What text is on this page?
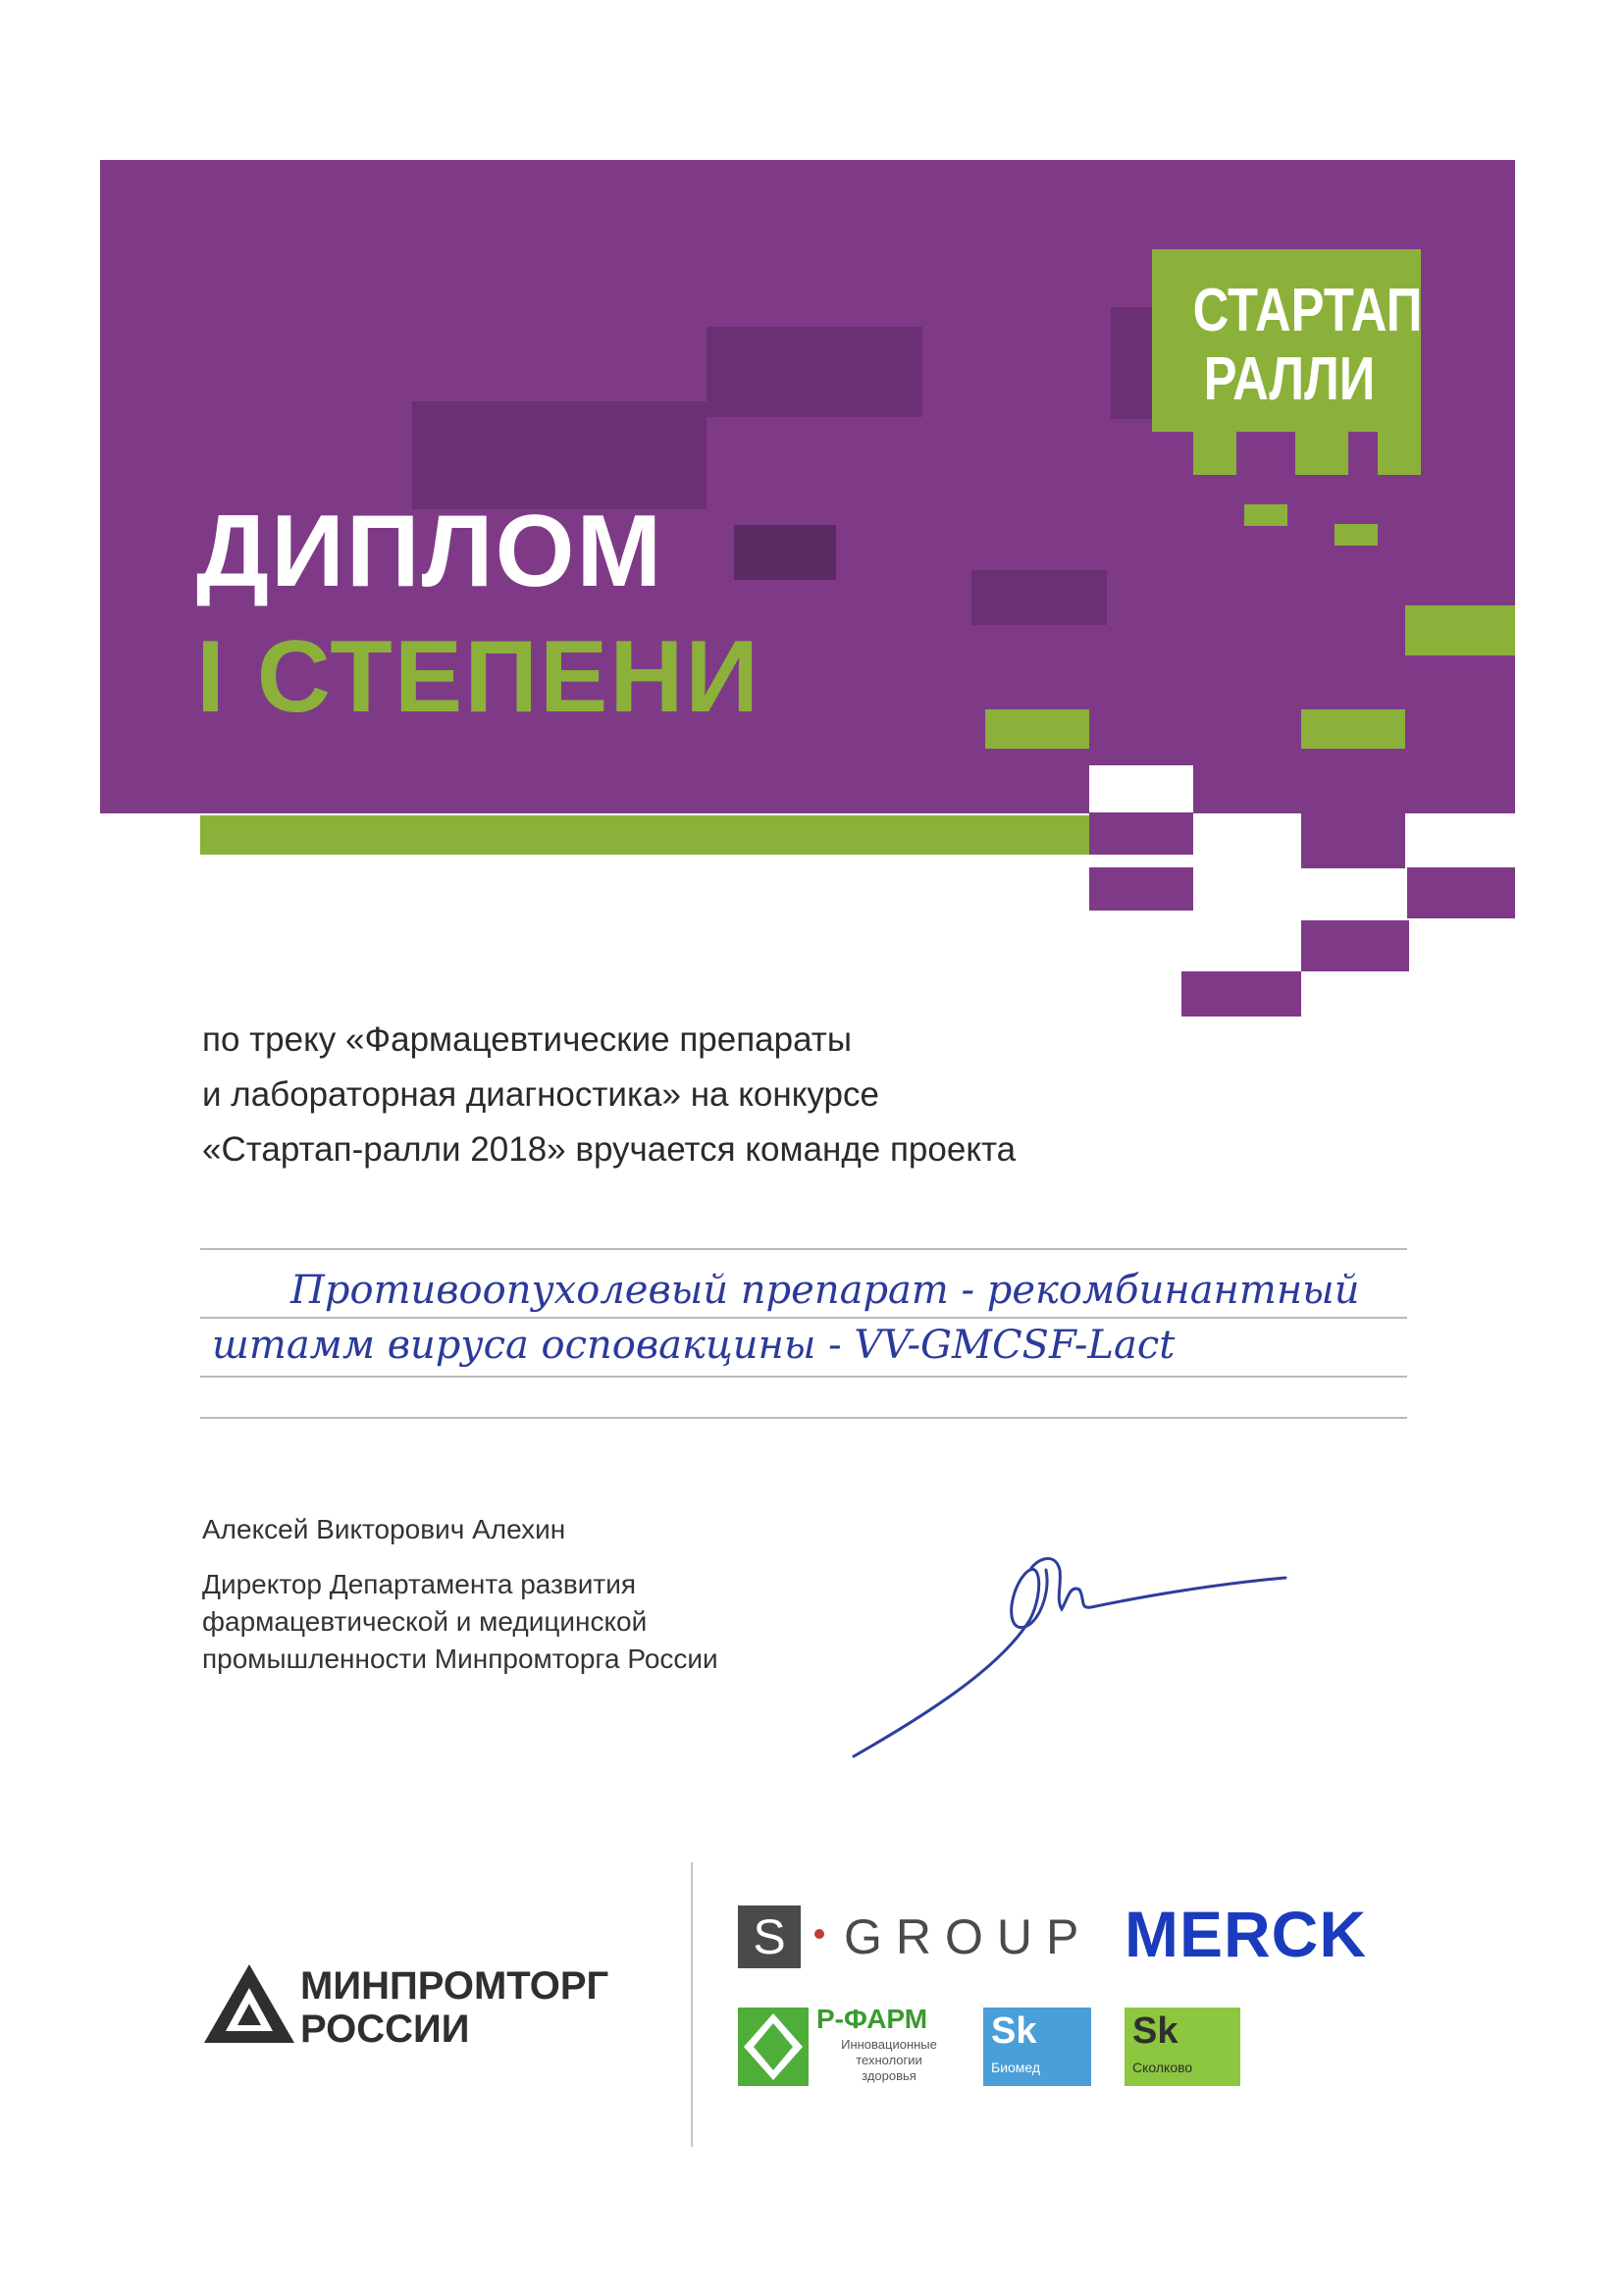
СТАРТАП
РАЛЛИ
ДИПЛОМ
I СТЕПЕНИ
по треку «Фармацевтические препараты
и лабораторная диагностика» на конкурсе
«Стартап-ралли 2018» вручается команде проекта
Противоопухолевый препарат - рекомбинантный
штамм вируса осповакцины - VV-GMCSF-Lact
Алексей Викторович Алехин
Директор Департамента развития
фармацевтической и медицинской
промышленности Минпромторга России
МИНПРОМТОРГ
РОССИИ
S	GROUP MERCK
Р-ФАРМ
Инновационные
технологии
здоровья
Sk
Биомед
Sk
Сколково
